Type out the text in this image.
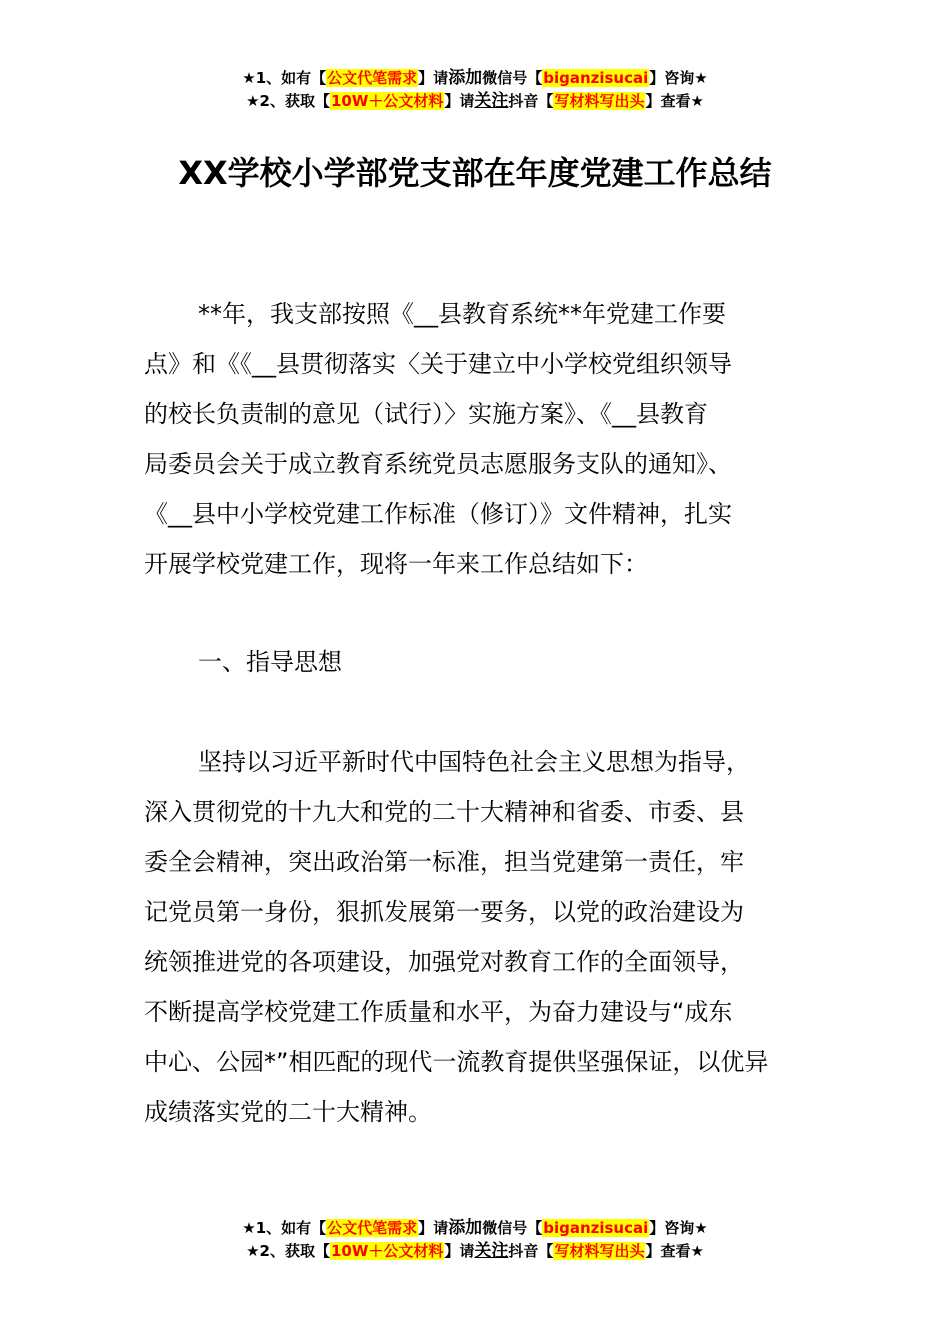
★1、如有【公文代笔需求】请添加微信号【biganzisucai】咨询★
★2、获取【10W＋公文材料】请关注抖音【写材料写出头】查看★
XX学校小学部党支部在年度党建工作总结
**年，我支部按照《__县教育系统**年党建工作要
点》和《《__县贯彻落实〈关于建立中小学校党组织领导
的校长负责制的意见（试行）〉实施方案》、《__县教育
局委员会关于成立教育系统党员志愿服务支队的通知》、
《__县中小学校党建工作标准（修订）》文件精神，扎实
开展学校党建工作，现将一年来工作总结如下：
一、指导思想
坚持以习近平新时代中国特色社会主义思想为指导，
深入贯彻党的十九大和党的二十大精神和省委、市委、县
委全会精神，突出政治第一标准，担当党建第一责任，牢
记党员第一身份，狠抓发展第一要务，以党的政治建设为
统领推进党的各项建设，加强党对教育工作的全面领导，
不断提高学校党建工作质量和水平，为奋力建设与“成东
中心、公园*”相匹配的现代一流教育提供坚强保证，以优异
成绩落实党的二十大精神。
★1、如有【公文代笔需求】请添加微信号【biganzisucai】咨询★
★2、获取【10W＋公文材料】请关注抖音【写材料写出头】查看★
